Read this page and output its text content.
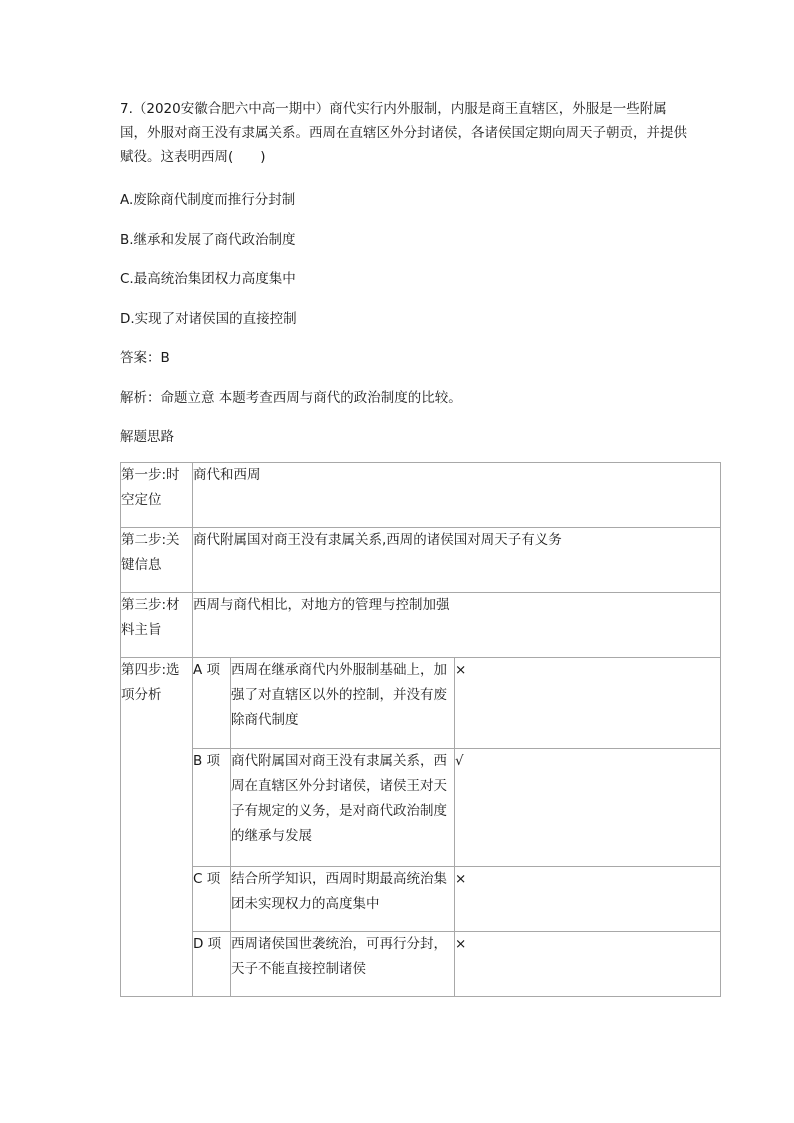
7.（2020安徽合肥六中高一期中）商代实行内外服制，内服是商王直辖区，外服是一些附属国，外服对商王没有隶属关系。西周在直辖区外分封诸侯，各诸侯国定期向周天子朝贡，并提供赋役。这表明西周(　　)

A.废除商代制度而推行分封制

B.继承和发展了商代政治制度

C.最高统治集团权力高度集中

D.实现了对诸侯国的直接控制

答案：B

解析：命题立意 本题考查西周与商代的政治制度的比较。

解题思路

第一步:时空定位	商代和西周		
第二步:关键信息	商代附属国对商王没有隶属关系,西周的诸侯国对周天子有义务		
第三步:材料主旨	西周与商代相比，对地方的管理与控制加强		
第四步:选项分析	A 项	西周在继承商代内外服制基础上，加强了对直辖区以外的控制，并没有废除商代制度	×
	B 项	商代附属国对商王没有隶属关系，西周在直辖区外分封诸侯，诸侯王对天子有规定的义务，是对商代政治制度的继承与发展	√
	C 项	结合所学知识，西周时期最高统治集团未实现权力的高度集中	×
	D 项	西周诸侯国世袭统治，可再行分封，天子不能直接控制诸侯	×
